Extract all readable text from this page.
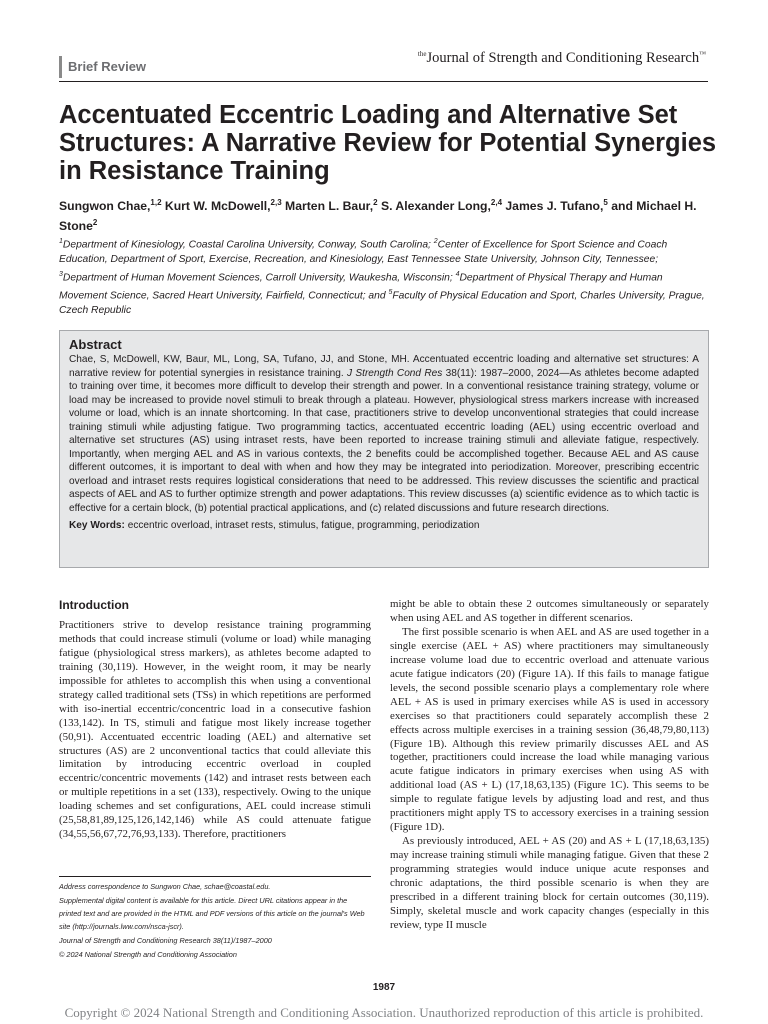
Brief Review
$^{the}$Journal of Strength and Conditioning Research™
Accentuated Eccentric Loading and Alternative Set Structures: A Narrative Review for Potential Synergies in Resistance Training
Sungwon Chae,$^{1,2}$ Kurt W. McDowell,$^{2,3}$ Marten L. Baur,$^2$ S. Alexander Long,$^{2,4}$ James J. Tufano,$^5$ and Michael H. Stone$^2$
$^1$Department of Kinesiology, Coastal Carolina University, Conway, South Carolina; $^2$Center of Excellence for Sport Science and Coach Education, Department of Sport, Exercise, Recreation, and Kinesiology, East Tennessee State University, Johnson City, Tennessee; $^3$Department of Human Movement Sciences, Carroll University, Waukesha, Wisconsin; $^4$Department of Physical Therapy and Human Movement Science, Sacred Heart University, Fairfield, Connecticut; and $^5$Faculty of Physical Education and Sport, Charles University, Prague, Czech Republic
Abstract

Chae, S, McDowell, KW, Baur, ML, Long, SA, Tufano, JJ, and Stone, MH. Accentuated eccentric loading and alternative set structures: A narrative review for potential synergies in resistance training. J Strength Cond Res 38(11): 1987–2000, 2024—As athletes become adapted to training over time, it becomes more difficult to develop their strength and power. In a conventional resistance training strategy, volume or load may be increased to provide novel stimuli to break through a plateau. However, physiological stress markers increase with increased volume or load, which is an innate shortcoming. In that case, practitioners strive to develop unconventional strategies that could increase training stimuli while adjusting fatigue. Two programming tactics, accentuated eccentric loading (AEL) using eccentric overload and alternative set structures (AS) using intraset rests, have been reported to increase training stimuli and alleviate fatigue, respectively. Importantly, when merging AEL and AS in various contexts, the 2 benefits could be accomplished together. Because AEL and AS cause different outcomes, it is important to deal with when and how they may be integrated into periodization. Moreover, prescribing eccentric overload and intraset rests requires logistical considerations that need to be addressed. This review discusses the scientific and practical aspects of AEL and AS to further optimize strength and power adaptations. This review discusses (a) scientific evidence as to which tactic is effective for a certain block, (b) potential practical applications, and (c) related discussions and future research directions.

Key Words: eccentric overload, intraset rests, stimulus, fatigue, programming, periodization
Introduction

Practitioners strive to develop resistance training programming methods that could increase stimuli (volume or load) while managing fatigue (physiological stress markers), as athletes become adapted to training (30,119). However, in the weight room, it may be nearly impossible for athletes to accomplish this when using a conventional strategy called traditional sets (TSs) in which repetitions are performed with iso-inertial eccentric/concentric load in a consecutive fashion (133,142). In TS, stimuli and fatigue most likely increase together (50,91). Accentuated eccentric loading (AEL) and alternative set structures (AS) are 2 unconventional tactics that could alleviate this limitation by introducing eccentric overload in coupled eccentric/concentric movements (142) and intraset rests between each or multiple repetitions in a set (133), respectively. Owing to the unique loading schemes and set configurations, AEL could increase stimuli (25,58,81,89,125,126,142,146) while AS could attenuate fatigue (34,55,56,67,72,76,93,133). Therefore, practitioners

might be able to obtain these 2 outcomes simultaneously or separately when using AEL and AS together in different scenarios.

The first possible scenario is when AEL and AS are used together in a single exercise (AEL + AS) where practitioners may simultaneously increase volume load due to eccentric overload and attenuate various acute fatigue indicators (20) (Figure 1A). If this fails to manage fatigue levels, the second possible scenario plays a complementary role where AEL + AS is used in primary exercises while AS is used in accessory exercises so that practitioners could separately accomplish these 2 effects across multiple exercises in a training session (36,48,79,80,113) (Figure 1B). Although this review primarily discusses AEL and AS together, practitioners could increase the load while managing various acute fatigue indicators in primary exercises when using AS with additional load (AS + L) (17,18,63,135) (Figure 1C). This seems to be simple to regulate fatigue levels by adjusting load and rest, and thus practitioners might apply TS to accessory exercises in a training session (Figure 1D).

As previously introduced, AEL + AS (20) and AS + L (17,18,63,135) may increase training stimuli while managing fatigue. Given that these 2 programming strategies would induce unique acute responses and chronic adaptations, the third possible scenario is when they are prescribed in a different training block for certain outcomes (30,119). Simply, skeletal muscle and work capacity changes (especially in this review, type II muscle

Address correspondence to Sungwon Chae, schae@coastal.edu.
Supplemental digital content is available for this article. Direct URL citations appear in the printed text and are provided in the HTML and PDF versions of this article on the journal's Web site (http://journals.lww.com/nsca-jscr).
Journal of Strength and Conditioning Research 38(11)/1987–2000
© 2024 National Strength and Conditioning Association
1987
Copyright © 2024 National Strength and Conditioning Association. Unauthorized reproduction of this article is prohibited.
